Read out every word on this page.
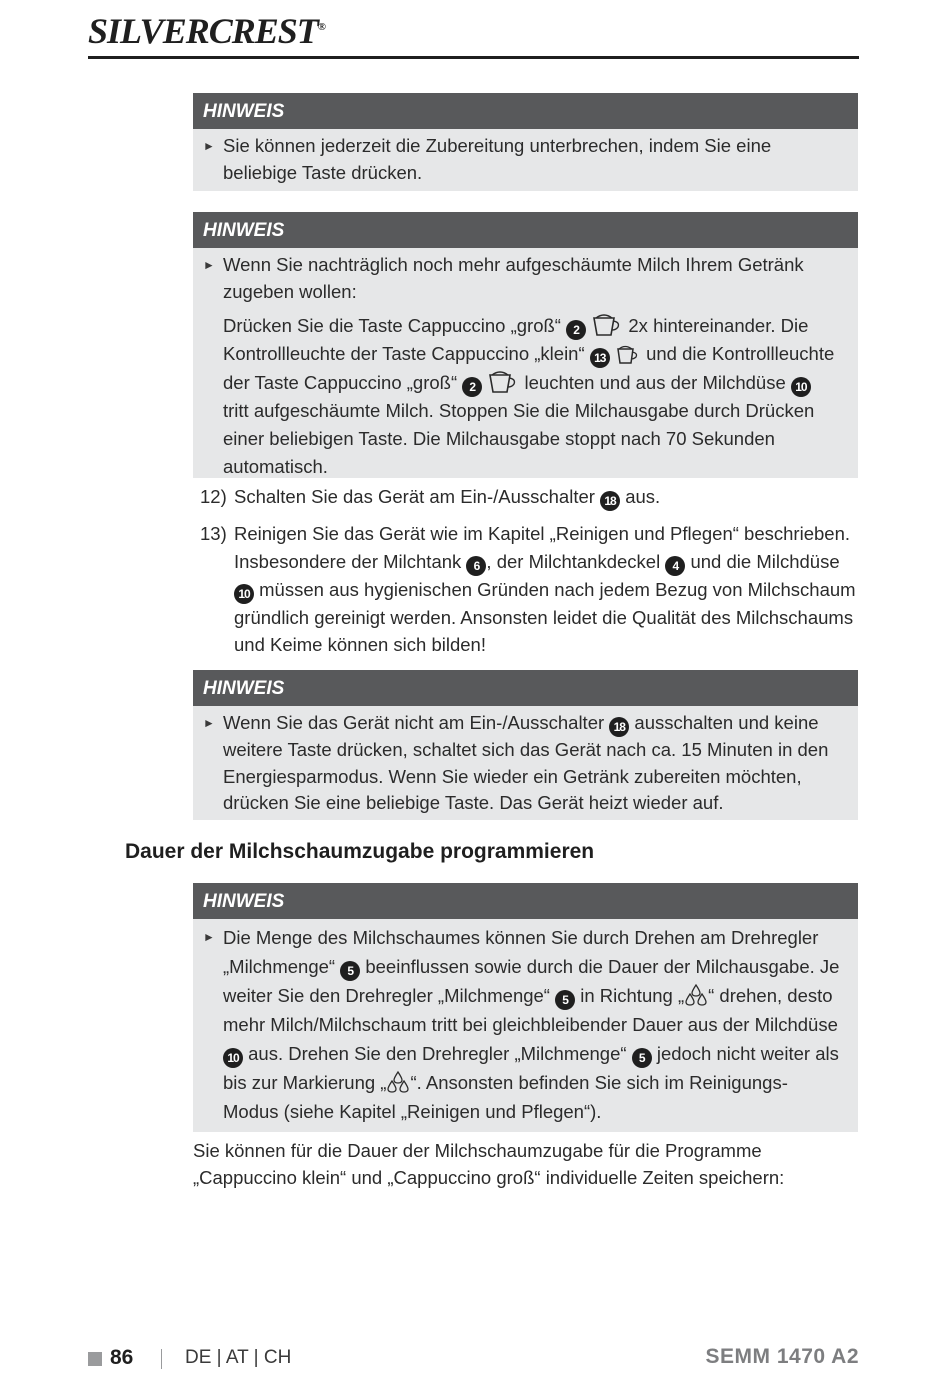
SILVERCREST®
HINWEIS
► Sie können jederzeit die Zubereitung unterbrechen, indem Sie eine beliebige Taste drücken.
HINWEIS
► Wenn Sie nachträglich noch mehr aufgeschäumte Milch Ihrem Getränk zugeben wollen:
Drücken Sie die Taste Cappuccino „groß“ 2	2x hintereinander. Die Kontrollleuchte der Taste Cappuccino „klein“ 13 und die Kontrollleuchte der Taste Cappuccino „groß“ 2	leuchten und aus der Milchdüse 10 tritt aufgeschäumte Milch. Stoppen Sie die Milchausgabe durch Drücken einer beliebigen Taste. Die Milchausgabe stoppt nach 70 Sekunden automatisch.
12) Schalten Sie das Gerät am Ein-/Ausschalter 18 aus.
13) Reinigen Sie das Gerät wie im Kapitel „Reinigen und Pflegen“ beschrieben. Insbesondere der Milchtank 6 , der Milchtankdeckel 4 und die Milchdüse 10 müssen aus hygienischen Gründen nach jedem Bezug von Milchschaum gründlich gereinigt werden. Ansonsten leidet die Qualität des Milchschaums und Keime können sich bilden!
HINWEIS
► Wenn Sie das Gerät nicht am Ein-/Ausschalter 18 ausschalten und keine weitere Taste drücken, schaltet sich das Gerät nach ca. 15 Minuten in den Energiesparmodus. Wenn Sie wieder ein Getränk zubereiten möchten, drücken Sie eine beliebige Taste. Das Gerät heizt wieder auf.
Dauer der Milchschaumzugabe programmieren
HINWEIS
► Die Menge des Milchschaumes können Sie durch Drehen am Drehregler „Milchmenge“ 5 beeinflussen sowie durch die Dauer der Milchausgabe. Je weiter Sie den Drehregler „Milchmenge“ 5 in Richtung „ “ drehen, desto mehr Milch/Milchschaum tritt bei gleichbleibender Dauer aus der Milchdüse 10 aus. Drehen Sie den Drehregler „Milchmenge“ 5 jedoch nicht weiter als bis zur Markierung „ “. Ansonsten befinden Sie sich im Reinigungs-Modus (siehe Kapitel „Reinigen und Pflegen“).
Sie können für die Dauer der Milchschaumzugabe für die Programme „Cappuccino klein“ und „Cappuccino groß“ individuelle Zeiten speichern:
86	DE | AT | CH	SEMM 1470 A2
